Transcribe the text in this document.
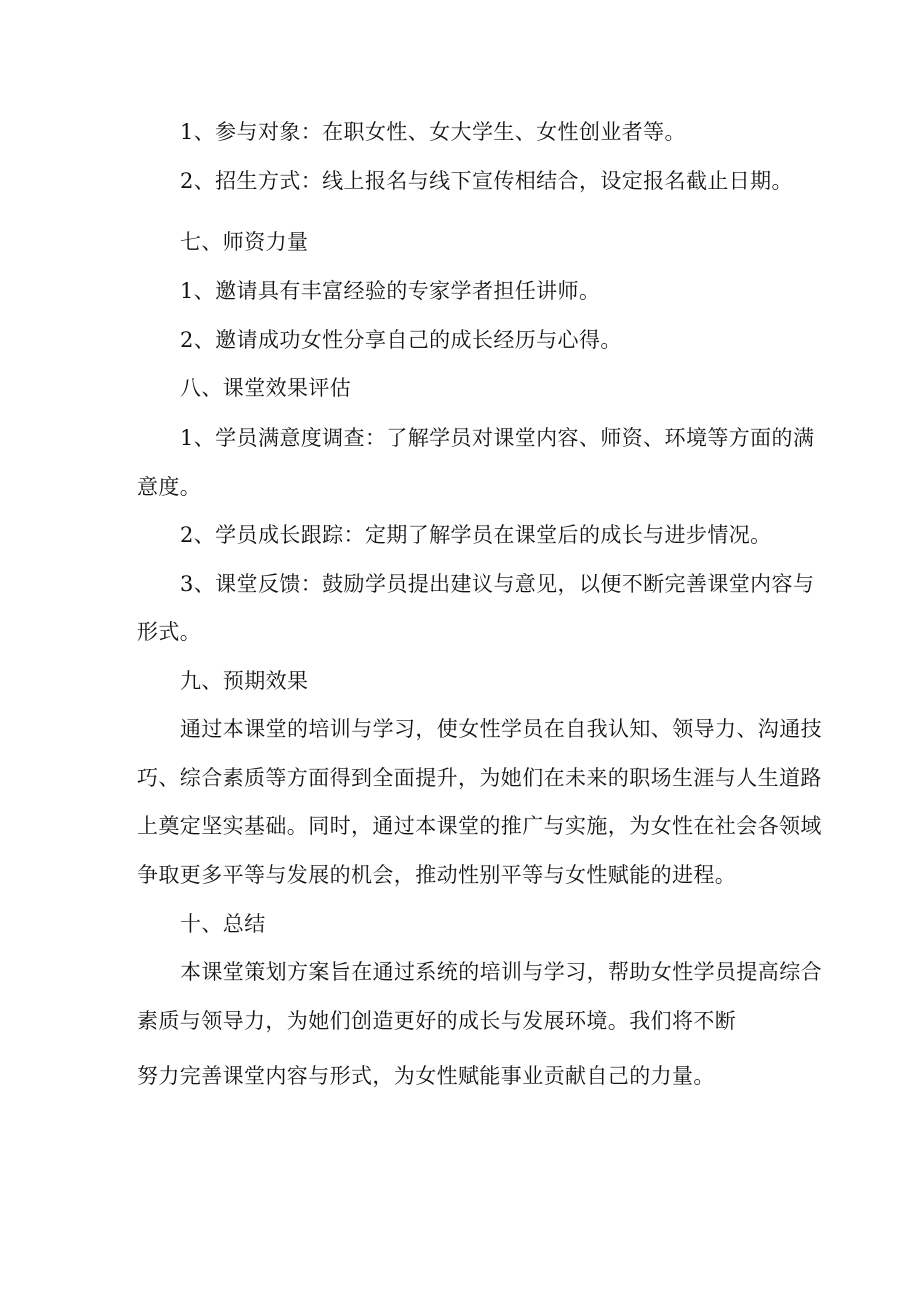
1、参与对象：在职女性、女大学生、女性创业者等。
2、招生方式：线上报名与线下宣传相结合，设定报名截止日期。
七、师资力量
1、邀请具有丰富经验的专家学者担任讲师。
2、邀请成功女性分享自己的成长经历与心得。
八、课堂效果评估
1、学员满意度调查：了解学员对课堂内容、师资、环境等方面的满
意度。
2、学员成长跟踪：定期了解学员在课堂后的成长与进步情况。
3、课堂反馈：鼓励学员提出建议与意见，以便不断完善课堂内容与
形式。
九、预期效果
通过本课堂的培训与学习，使女性学员在自我认知、领导力、沟通技
巧、综合素质等方面得到全面提升，为她们在未来的职场生涯与人生道路
上奠定坚实基础。同时，通过本课堂的推广与实施，为女性在社会各领域
争取更多平等与发展的机会，推动性别平等与女性赋能的进程。
十、总结
本课堂策划方案旨在通过系统的培训与学习，帮助女性学员提高综合
素质与领导力，为她们创造更好的成长与发展环境。我们将不断
努力完善课堂内容与形式，为女性赋能事业贡献自己的力量。
